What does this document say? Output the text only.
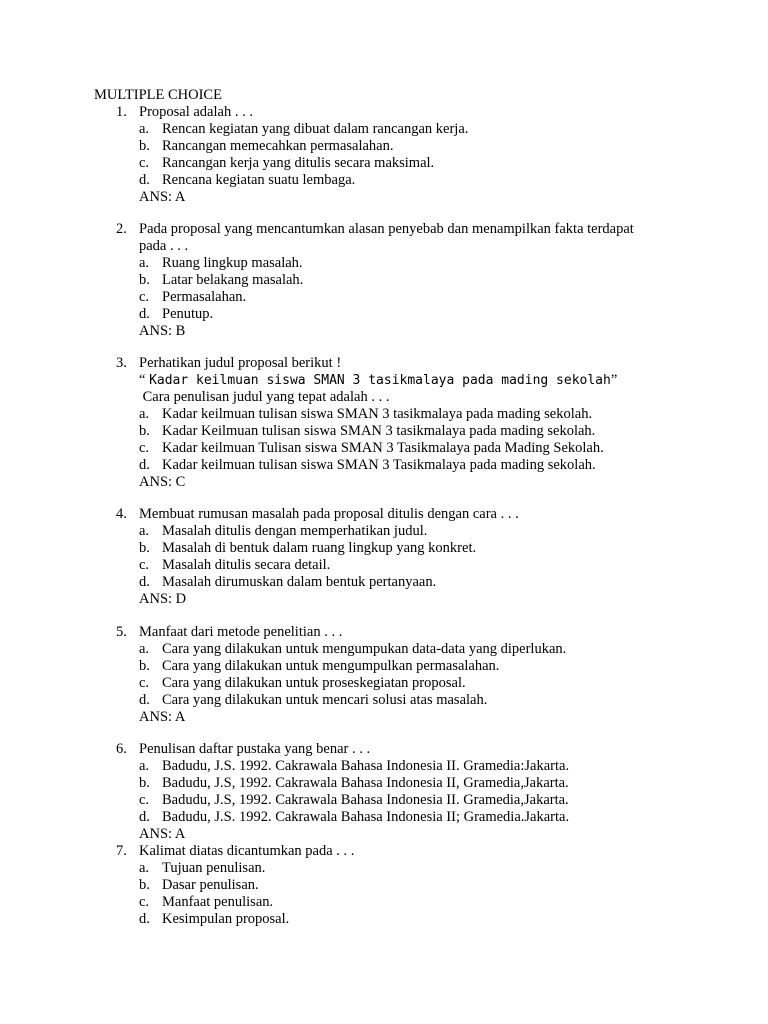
MULTIPLE CHOICE
1. Proposal adalah . . .
a. Rencan kegiatan yang dibuat dalam rancangan kerja.
b. Rancangan memecahkan permasalahan.
c. Rancangan kerja yang ditulis secara maksimal.
d. Rencana kegiatan suatu lembaga.
ANS: A
2. Pada proposal yang mencantumkan alasan penyebab dan menampilkan fakta terdapat
pada . . .
a. Ruang lingkup masalah.
b. Latar belakang masalah.
c. Permasalahan.
d. Penutup.
ANS: B
3. Perhatikan judul proposal berikut !
“
Kadar keilmuan siswa SMAN 3 tasikmalaya pada mading sekolah ”
Cara penulisan judul yang tepat adalah . . .
a. Kadar keilmuan tulisan siswa SMAN 3 tasikmalaya pada mading sekolah.
b. Kadar Keilmuan tulisan siswa SMAN 3 tasikmalaya pada mading sekolah.
c. Kadar keilmuan Tulisan siswa SMAN 3 Tasikmalaya pada Mading Sekolah.
d. Kadar keilmuan tulisan siswa SMAN 3 Tasikmalaya pada mading sekolah.
ANS: C
4. Membuat rumusan masalah pada proposal ditulis dengan cara . . .
a. Masalah ditulis dengan memperhatikan judul.
b. Masalah di bentuk dalam ruang lingkup yang konkret.
c. Masalah ditulis secara detail.
d. Masalah dirumuskan dalam bentuk pertanyaan.
ANS: D
5. Manfaat dari metode penelitian . . .
a. Cara yang dilakukan untuk mengumpukan data-data yang diperlukan.
b. Cara yang dilakukan untuk mengumpulkan permasalahan.
c. Cara yang dilakukan untuk proseskegiatan proposal.
d. Cara yang dilakukan untuk mencari solusi atas masalah.
ANS: A
6. Penulisan daftar pustaka yang benar . . .
a. Badudu, J.S. 1992. Cakrawala Bahasa Indonesia II. Gramedia:Jakarta.
b. Badudu, J.S, 1992. Cakrawala Bahasa Indonesia II, Gramedia,Jakarta.
c. Badudu, J.S, 1992. Cakrawala Bahasa Indonesia II. Gramedia,Jakarta.
d. Badudu, J.S. 1992. Cakrawala Bahasa Indonesia II; Gramedia.Jakarta.
ANS: A
7. Kalimat diatas dicantumkan pada . . .
a. Tujuan penulisan.
b. Dasar penulisan.
c. Manfaat penulisan.
d. Kesimpulan proposal.
